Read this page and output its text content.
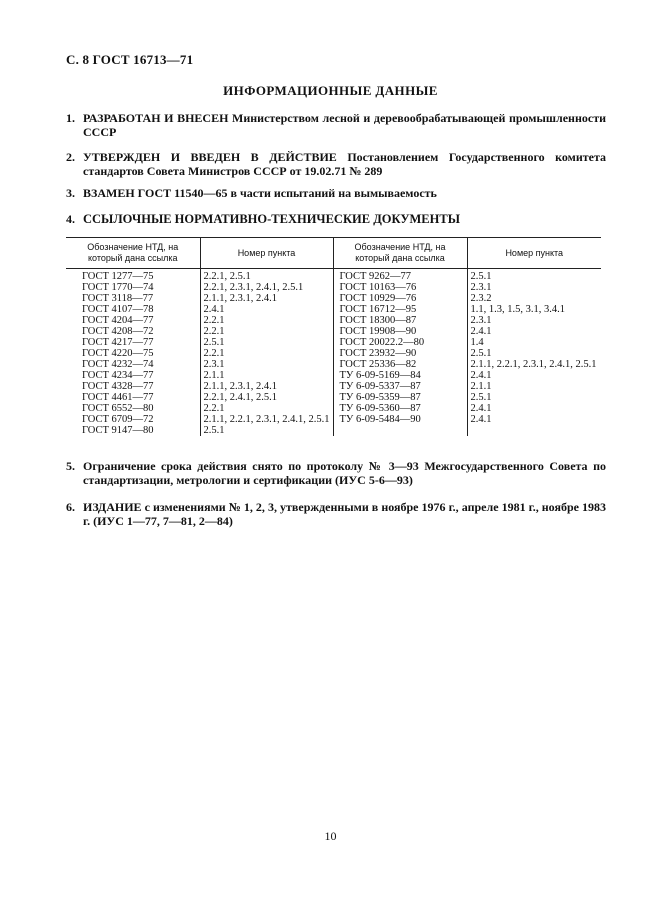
С. 8 ГОСТ 16713—71
ИНФОРМАЦИОННЫЕ ДАННЫЕ
1. РАЗРАБОТАН И ВНЕСЕН Министерством лесной и деревообрабатывающей промышленности СССР
2. УТВЕРЖДЕН И ВВЕДЕН В ДЕЙСТВИЕ Постановлением Государственного комитета стандартов Совета Министров СССР от 19.02.71 № 289
3. ВЗАМЕН ГОСТ 11540—65 в части испытаний на вымываемость
4. ССЫЛОЧНЫЕ НОРМАТИВНО-ТЕХНИЧЕСКИЕ ДОКУМЕНТЫ
Обозначение НТД, на который дана ссылка	Номер пункта	Обозначение НТД, на который дана ссылка	Номер пункта
ГОСТ 1277—75	2.2.1, 2.5.1	ГОСТ 9262—77	2.5.1
ГОСТ 1770—74	2.2.1, 2.3.1, 2.4.1, 2.5.1	ГОСТ 10163—76	2.3.1
ГОСТ 3118—77	2.1.1, 2.3.1, 2.4.1	ГОСТ 10929—76	2.3.2
ГОСТ 4107—78	2.4.1	ГОСТ 16712—95	1.1, 1.3, 1.5, 3.1, 3.4.1
ГОСТ 4204—77	2.2.1	ГОСТ 18300—87	2.3.1
ГОСТ 4208—72	2.2.1	ГОСТ 19908—90	2.4.1
ГОСТ 4217—77	2.5.1	ГОСТ 20022.2—80	1.4
ГОСТ 4220—75	2.2.1	ГОСТ 23932—90	2.5.1
ГОСТ 4232—74	2.3.1	ГОСТ 25336—82	2.1.1, 2.2.1, 2.3.1, 2.4.1, 2.5.1
ГОСТ 4234—77	2.1.1	ТУ 6-09-5169—84	2.4.1
ГОСТ 4328—77	2.1.1, 2.3.1, 2.4.1	ТУ 6-09-5337—87	2.1.1
ГОСТ 4461—77	2.2.1, 2.4.1, 2.5.1	ТУ 6-09-5359—87	2.5.1
ГОСТ 6552—80	2.2.1	ТУ 6-09-5360—87	2.4.1
ГОСТ 6709—72	2.1.1, 2.2.1, 2.3.1, 2.4.1, 2.5.1	ТУ 6-09-5484—90	2.4.1
ГОСТ 9147—80	2.5.1		
5. Ограничение срока действия снято по протоколу № 3—93 Межгосударственного Совета по стандартизации, метрологии и сертификации (ИУС 5-6—93)
6. ИЗДАНИЕ с изменениями № 1, 2, 3, утвержденными в ноябре 1976 г., апреле 1981 г., ноябре 1983 г. (ИУС 1—77, 7—81, 2—84)
10
